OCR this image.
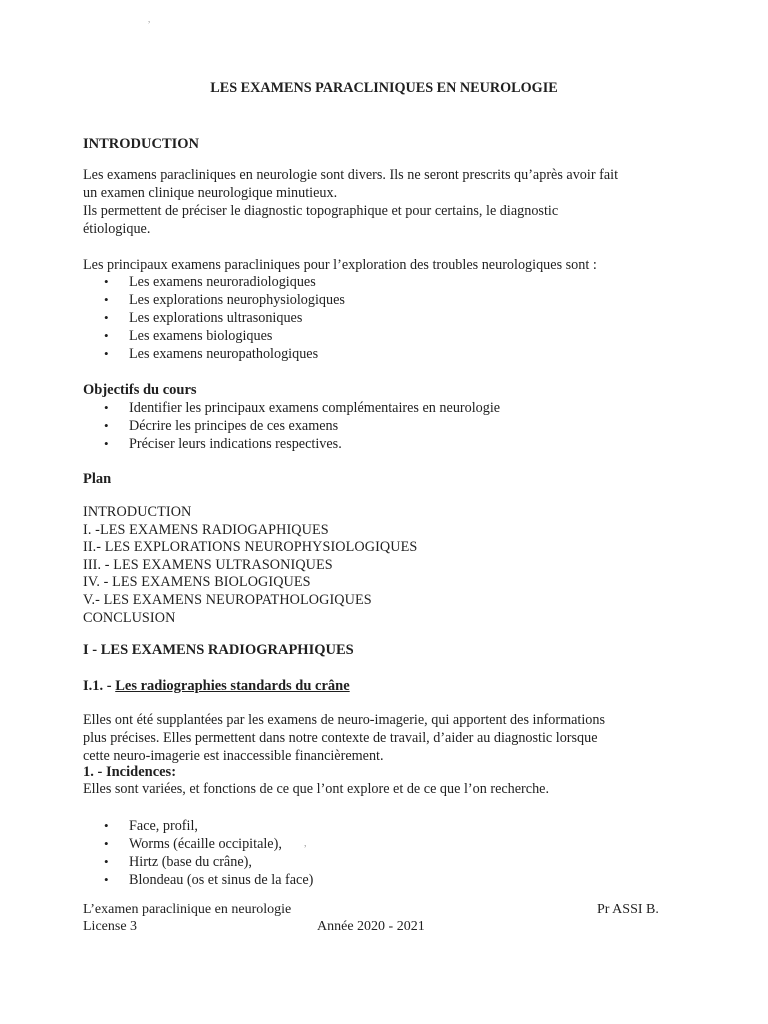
,
LES EXAMENS PARACLINIQUES EN NEUROLOGIE
INTRODUCTION
Les examens paracliniques en neurologie sont divers. Ils ne seront prescrits qu’après avoir fait
un examen clinique neurologique minutieux.
Ils permettent de préciser le diagnostic topographique et pour certains, le diagnostic
étiologique.
Les principaux examens paracliniques pour l’exploration des troubles neurologiques sont :
• Les examens neuroradiologiques
• Les explorations neurophysiologiques
• Les explorations ultrasoniques
• Les examens biologiques
• Les examens neuropathologiques
Objectifs du cours
• Identifier les principaux examens complémentaires en neurologie
• Décrire les principes de ces examens
• Préciser leurs indications respectives.
Plan
INTRODUCTION
I. -LES EXAMENS RADIOGAPHIQUES
II.- LES EXPLORATIONS NEUROPHYSIOLOGIQUES
III. - LES EXAMENS ULTRASONIQUES
IV. - LES EXAMENS BIOLOGIQUES
V.- LES EXAMENS NEUROPATHOLOGIQUES
CONCLUSION
I - LES EXAMENS RADIOGRAPHIQUES
I.1. - Les radiographies standards du crâne
Elles ont été supplantées par les examens de neuro-imagerie, qui apportent des informations
plus précises. Elles permettent dans notre contexte de travail, d’aider au diagnostic lorsque
cette neuro-imagerie est inaccessible financièrement.
1. - Incidences:
Elles sont variées, et fonctions de ce que l’ont explore et de ce que l’on recherche.
• Face, profil,
• Worms (écaille occipitale),
• Hirtz (base du crâne),
• Blondeau (os et sinus de la face)
,
L’examen paraclinique en neurologie	Pr ASSI B.
License 3	Année 2020 - 2021
